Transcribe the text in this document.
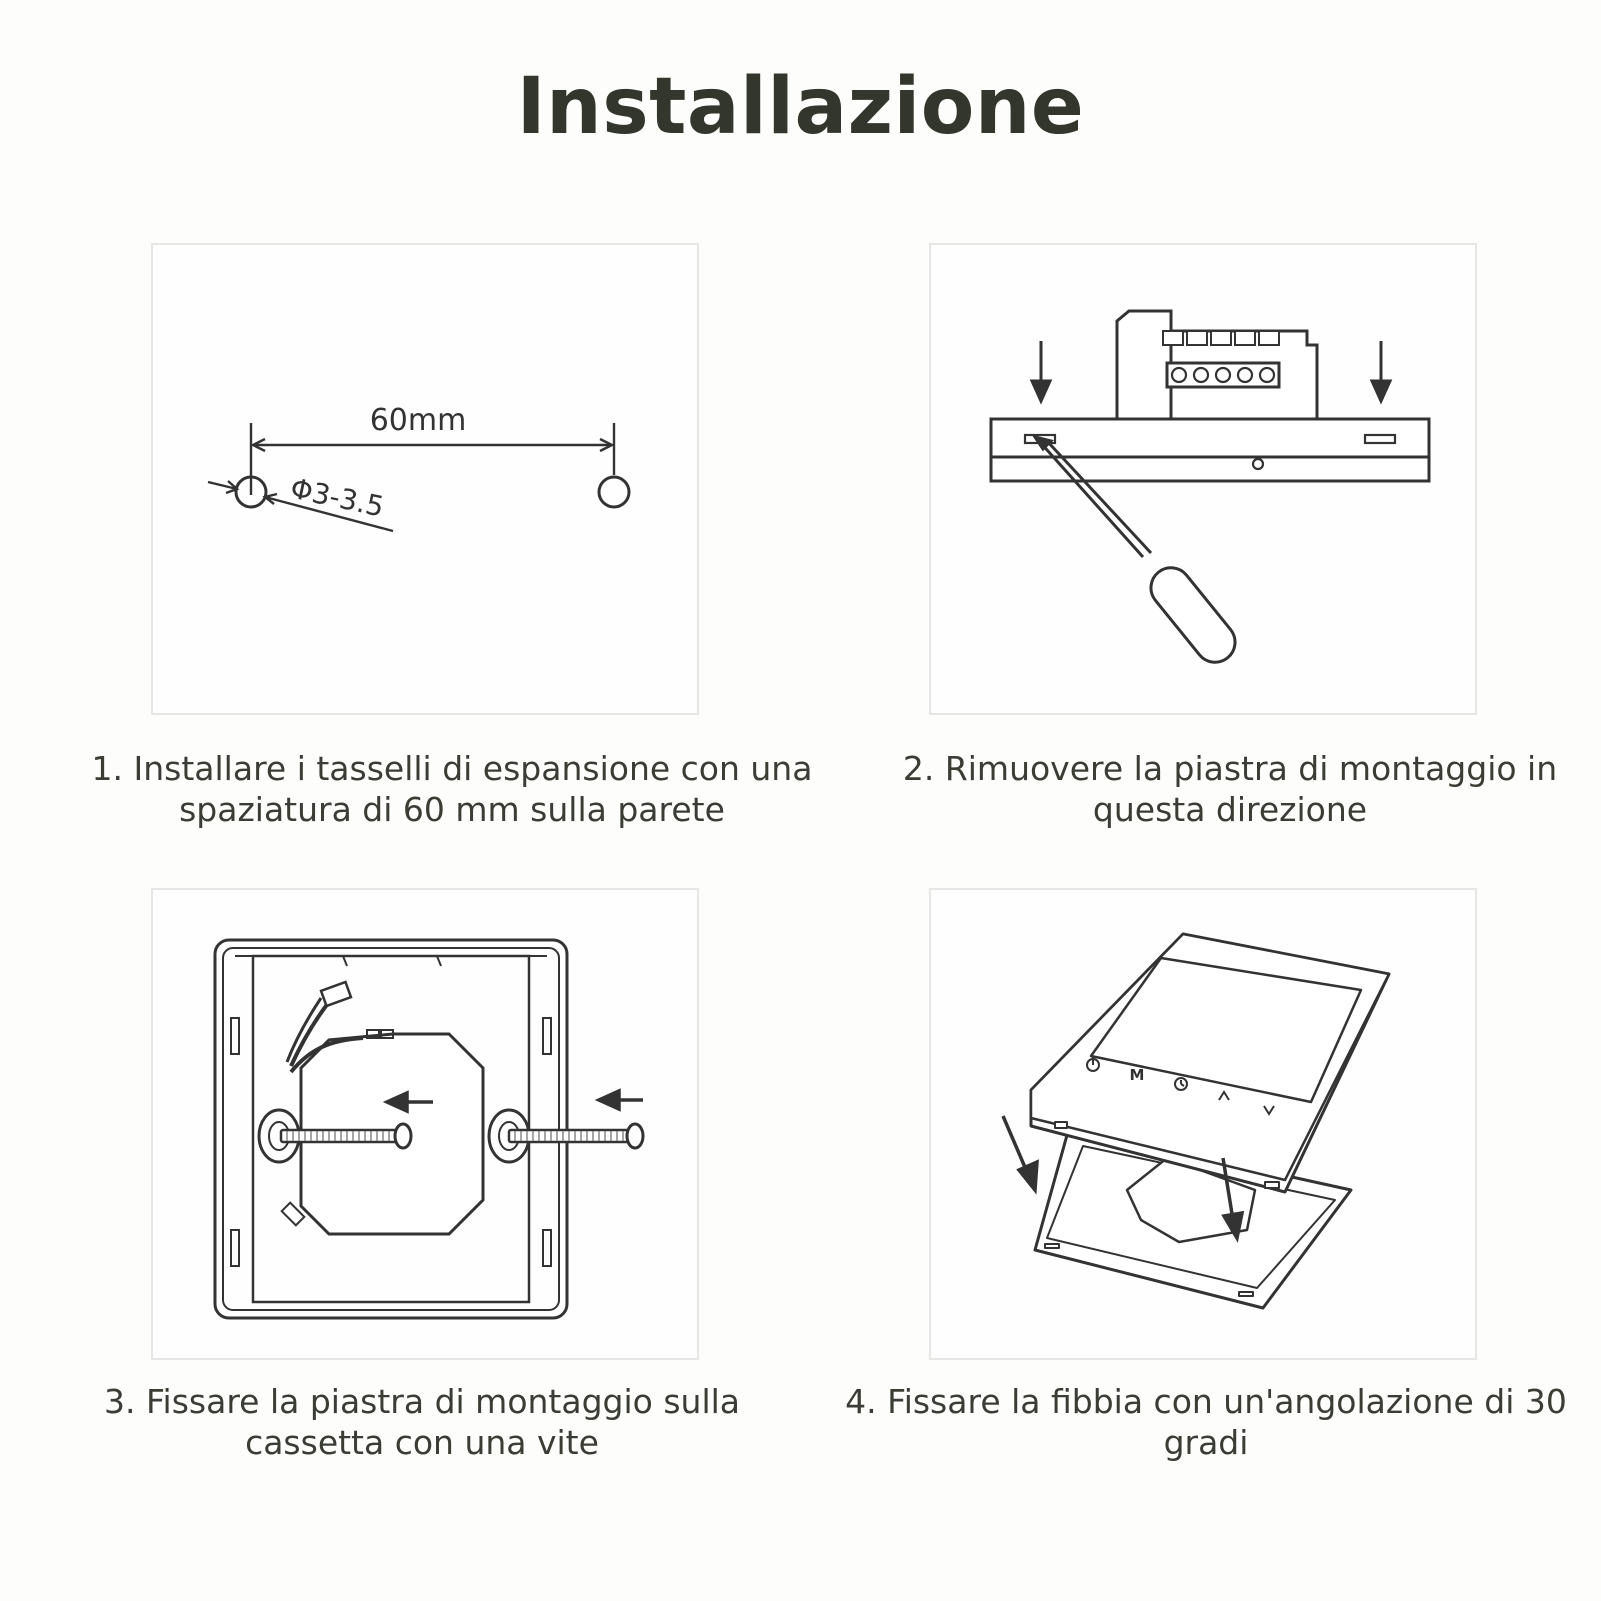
Installazione
60mm
Φ3-3.5
M
1. Installare i tasselli di espansione con una spaziatura di 60 mm sulla parete
2. Rimuovere la piastra di montaggio in questa direzione
3. Fissare la piastra di montaggio sulla cassetta con una vite
4. Fissare la fibbia con un'angolazione di 30 gradi
